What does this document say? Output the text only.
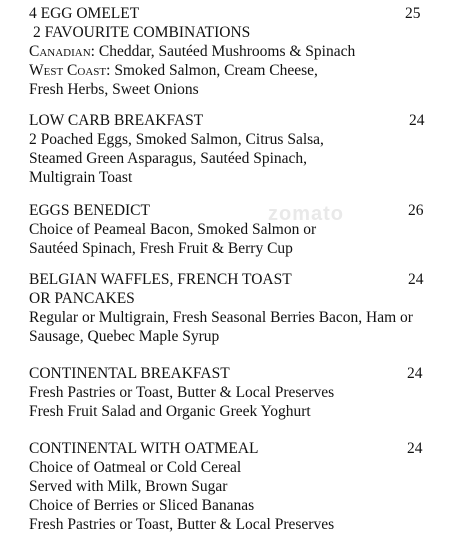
zomato
4 EGG OMELET	25
2 FAVOURITE COMBINATIONS
Canadian: Cheddar, Sautéed Mushrooms & Spinach
West Coast: Smoked Salmon, Cream Cheese,
Fresh Herbs, Sweet Onions
LOW CARB BREAKFAST	24
2 Poached Eggs, Smoked Salmon, Citrus Salsa,
Steamed Green Asparagus, Sautéed Spinach,
Multigrain Toast
EGGS BENEDICT	26
Choice of Peameal Bacon, Smoked Salmon or
Sautéed Spinach, Fresh Fruit & Berry Cup
BELGIAN WAFFLES, FRENCH TOAST	24
OR PANCAKES
Regular or Multigrain, Fresh Seasonal Berries Bacon, Ham or
Sausage, Quebec Maple Syrup
CONTINENTAL BREAKFAST	24
Fresh Pastries or Toast, Butter & Local Preserves
Fresh Fruit Salad and Organic Greek Yoghurt
CONTINENTAL WITH OATMEAL	24
Choice of Oatmeal or Cold Cereal
Served with Milk, Brown Sugar
Choice of Berries or Sliced Bananas
Fresh Pastries or Toast, Butter & Local Preserves
